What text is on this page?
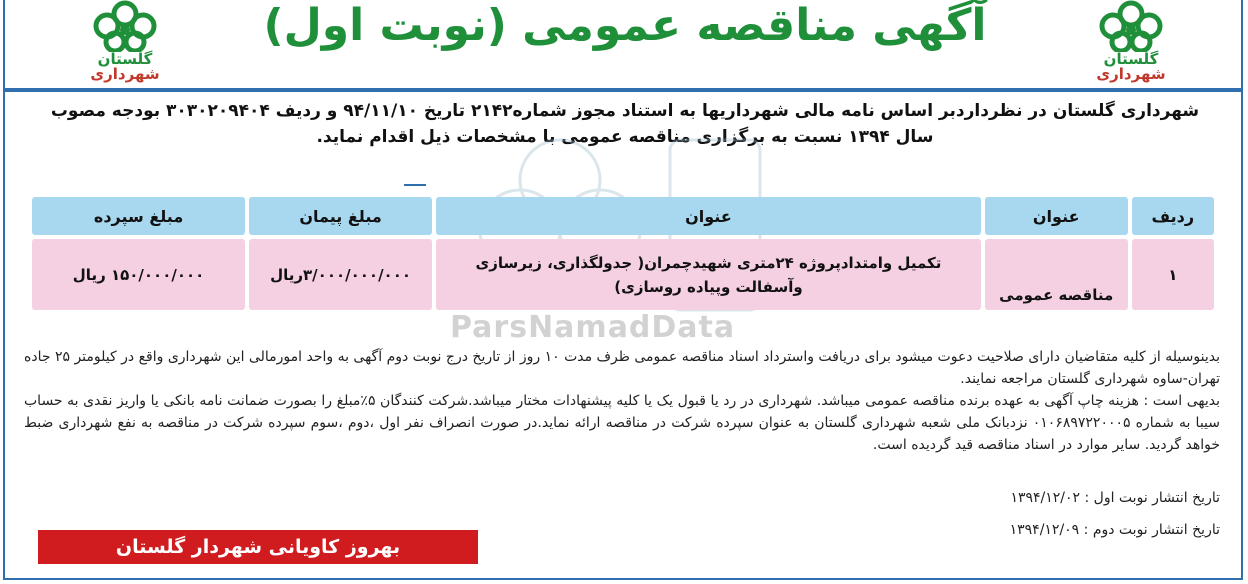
گلستان
شهرداری
گلستان
شهرداری
آگهی مناقصه عمومی (نوبت اول)
شهرداری گلستان در نظرداردبر اساس نامه مالی شهرداریها به استناد مجوز شماره۲۱۴۲ تاریخ ۹۴/۱۱/۱۰ و ردیف ۳۰۳۰۲۰۹۴۰۴ بودجه مصوب
سال ۱۳۹۴ نسبت به برگزاری مناقصه عمومی با مشخصات ذیل اقدام نماید.
ردیف	عنوان	عنوان	مبلغ پیمان	مبلغ سپرده
۱	مناقصه عمومی	تکمیل وامتدادپروژه ۲۴متری شهیدچمران( جدولگذاری، زیرسازی
وآسفالت وپیاده روسازی)	۳/۰۰۰/۰۰۰/۰۰۰ریال	۱۵۰/۰۰۰/۰۰۰ ریال
ParsNamadData

بدینوسیله از کلیه متقاضیان دارای صلاحیت دعوت میشود برای دریافت واسترداد اسناد مناقصه عمومی ظرف مدت ۱۰ روز از تاریخ درج نوبت دوم آگهی به واحد امورمالی این شهرداری واقع در کیلومتر ۲۵ جاده تهران-ساوه شهرداری گلستان مراجعه نمایند.

بدیهی است : هزینه چاپ آگهی به عهده برنده مناقصه عمومی میباشد. شهرداری در رد یا قبول یک یا کلیه پیشنهادات مختار میباشد.شرکت کنندگان ۵٪مبلغ را بصورت ضمانت نامه بانکی یا واریز نقدی به حساب سیبا به شماره ۰۱۰۶۸۹۷۲۲۰۰۰۵ نزدبانک ملی شعبه شهرداری گلستان به عنوان سپرده شرکت در مناقصه ارائه نماید.در صورت انصراف نفر اول ،دوم ،سوم سپرده شرکت در مناقصه به نفع شهرداری ضبط خواهد گردید. سایر موارد در اسناد مناقصه قید گردیده است.

تاریخ انتشار نوبت اول : ۱۳۹۴/۱۲/۰۲
تاریخ انتشار نوبت دوم : ۱۳۹۴/۱۲/۰۹
بهروز کاویانی شهردار گلستان
